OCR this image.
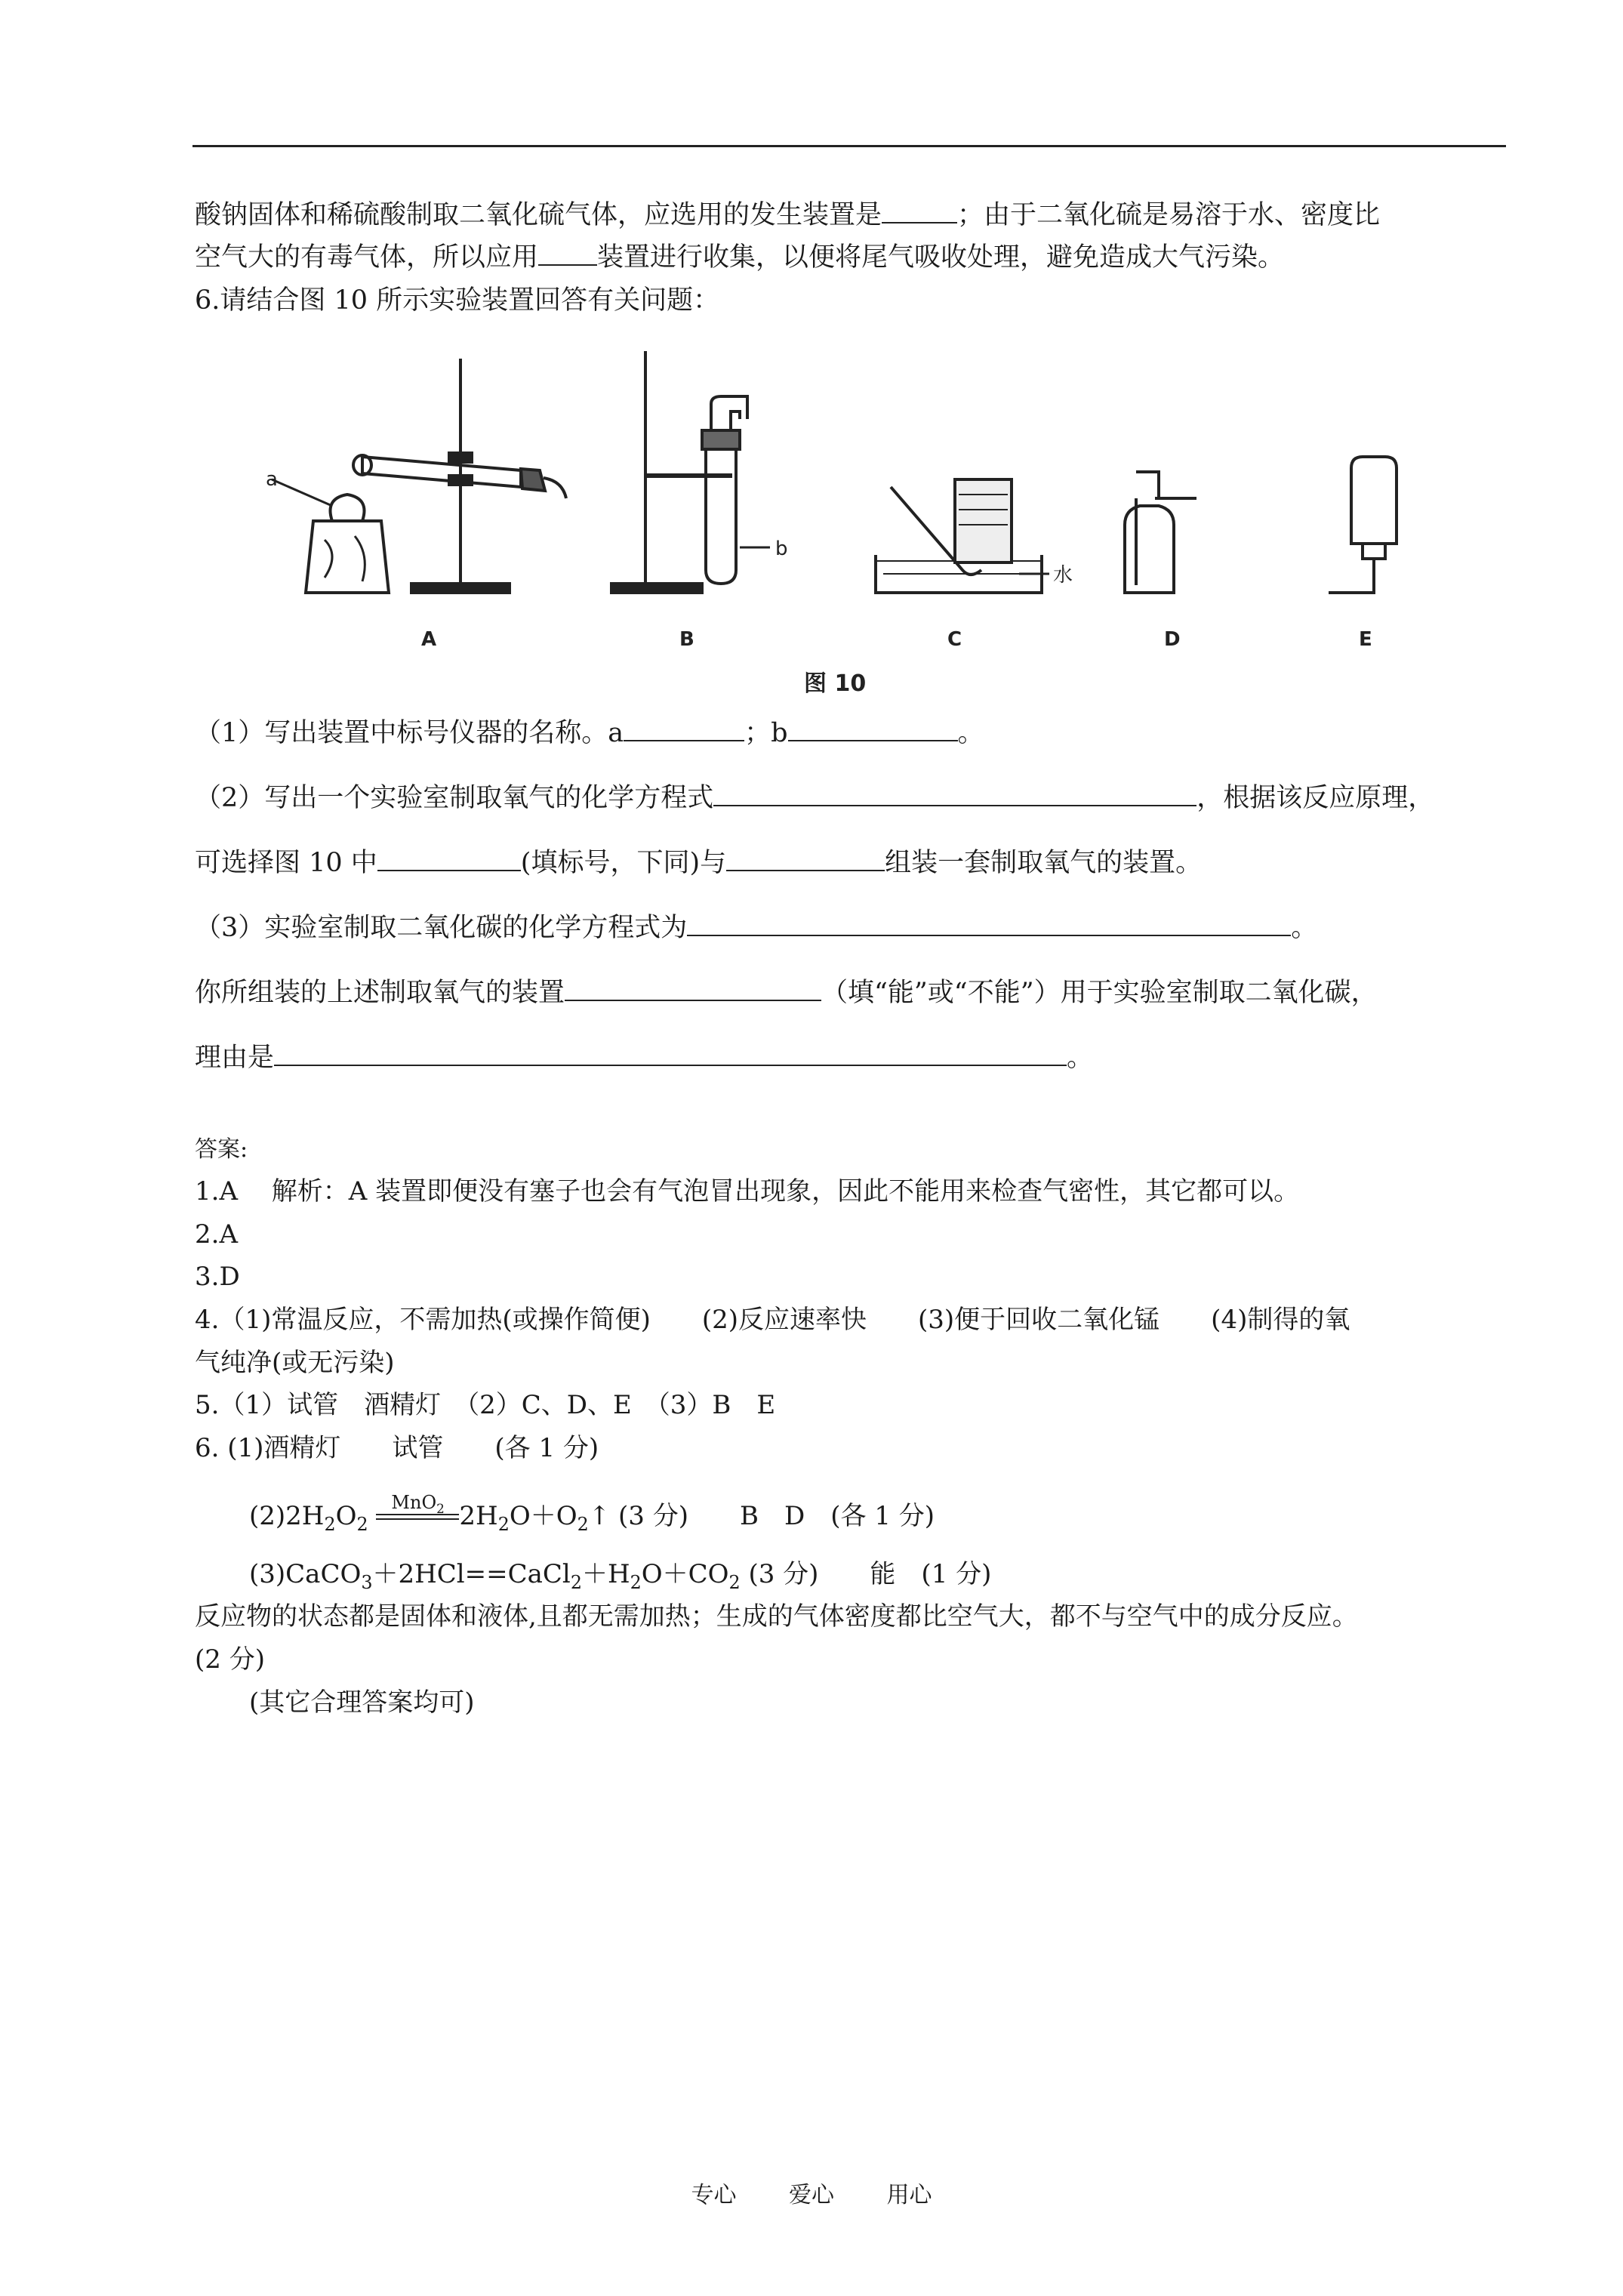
酸钠固体和稀硫酸制取二氧化硫气体，应选用的发生装置是	；由于二氧化硫是易溶于水、密度比
空气大的有毒气体，所以应用 装置进行收集，以便将尾气吸收处理，避免造成大气污染。
6.请结合图 10 所示实验装置回答有关问题：
a
b
水
A	B	C	D	E
图 10
（1）写出装置中标号仪器的名称。a	；b	。
（2）写出一个实验室制取氧气的化学方程式	，根据该反应原理，
可选择图 10 中	(填标号，下同)与	组装一套制取氧气的装置。
（3）实验室制取二氧化碳的化学方程式为	。
你所组装的上述制取氧气的装置	（填“能”或“不能”）用于实验室制取二氧化碳，
理由是	。
答案:
1.A　 解析：A 装置即便没有塞子也会有气泡冒出现象，因此不能用来检查气密性，其它都可以。
2.A
3.D
4.（1)常温反应，不需加热(或操作简便)　　(2)反应速率快　　(3)便于回收二氧化锰　　(4)制得的氧
气纯净(或无污染)
5.（1）试管　酒精灯　（2）C、D、E　（3）B　E
6. (1)酒精灯　　试管　　(各 1 分)
$(2)2H_2O_2$
MnO$_2$ $2H_2O+O_2↑$ (3 分)　　B　D　(各 1 分)
$(3)CaCO_3+2HCl==CaCl_2+H_2O+CO_2$ (3 分)　　能　(1 分)
反应物的状态都是固体和液体,且都无需加热；生成的气体密度都比空气大，都不与空气中的成分反应。
(2 分)
(其它合理答案均可)
专心 爱心 用心
